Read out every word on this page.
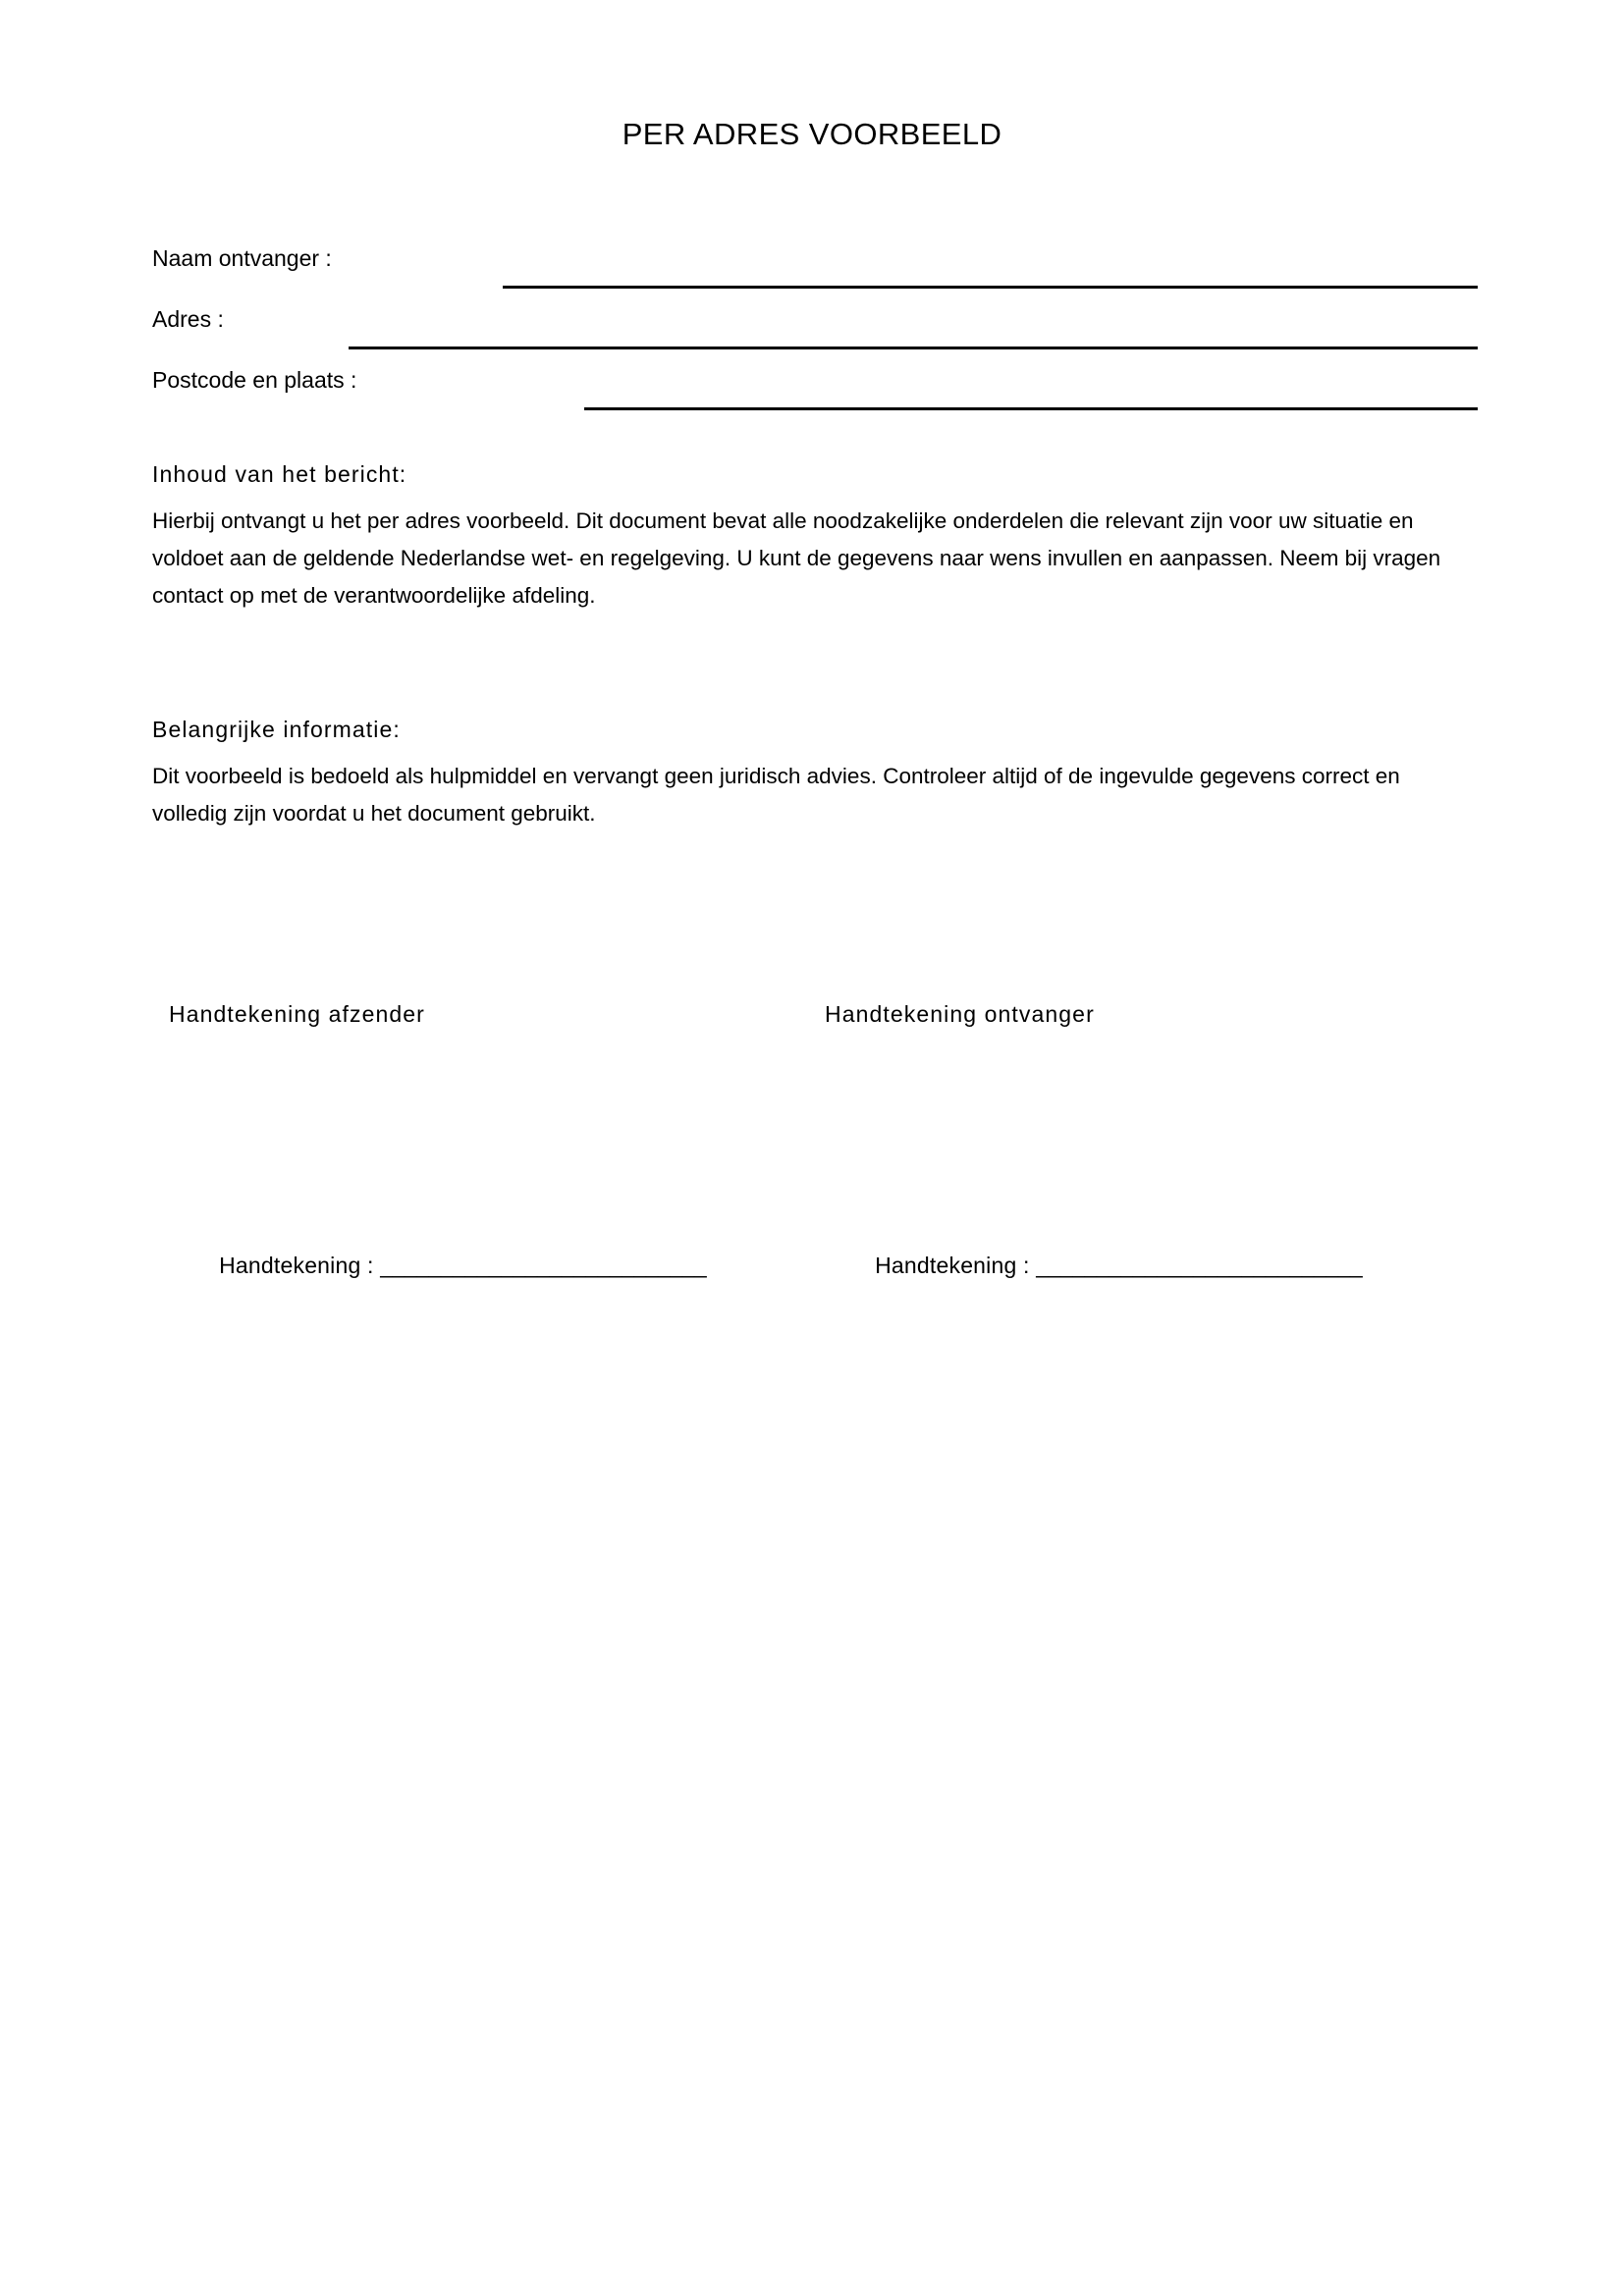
PER ADRES VOORBEELD
Naam ontvanger :
Adres :
Postcode en plaats :

Inhoud van het bericht:

Hierbij ontvangt u het per adres voorbeeld. Dit document bevat alle noodzakelijke onderdelen die relevant zijn voor uw situatie en voldoet aan de geldende Nederlandse wet- en regelgeving. U kunt de gegevens naar wens invullen en aanpassen. Neem bij vragen contact op met de verantwoordelijke afdeling.

Belangrijke informatie:

Dit voorbeeld is bedoeld als hulpmiddel en vervangt geen juridisch advies. Controleer altijd of de ingevulde gegevens correct en volledig zijn voordat u het document gebruikt.

Handtekening afzender

Handtekening : ___________________________

Handtekening ontvanger

Handtekening : ___________________________
